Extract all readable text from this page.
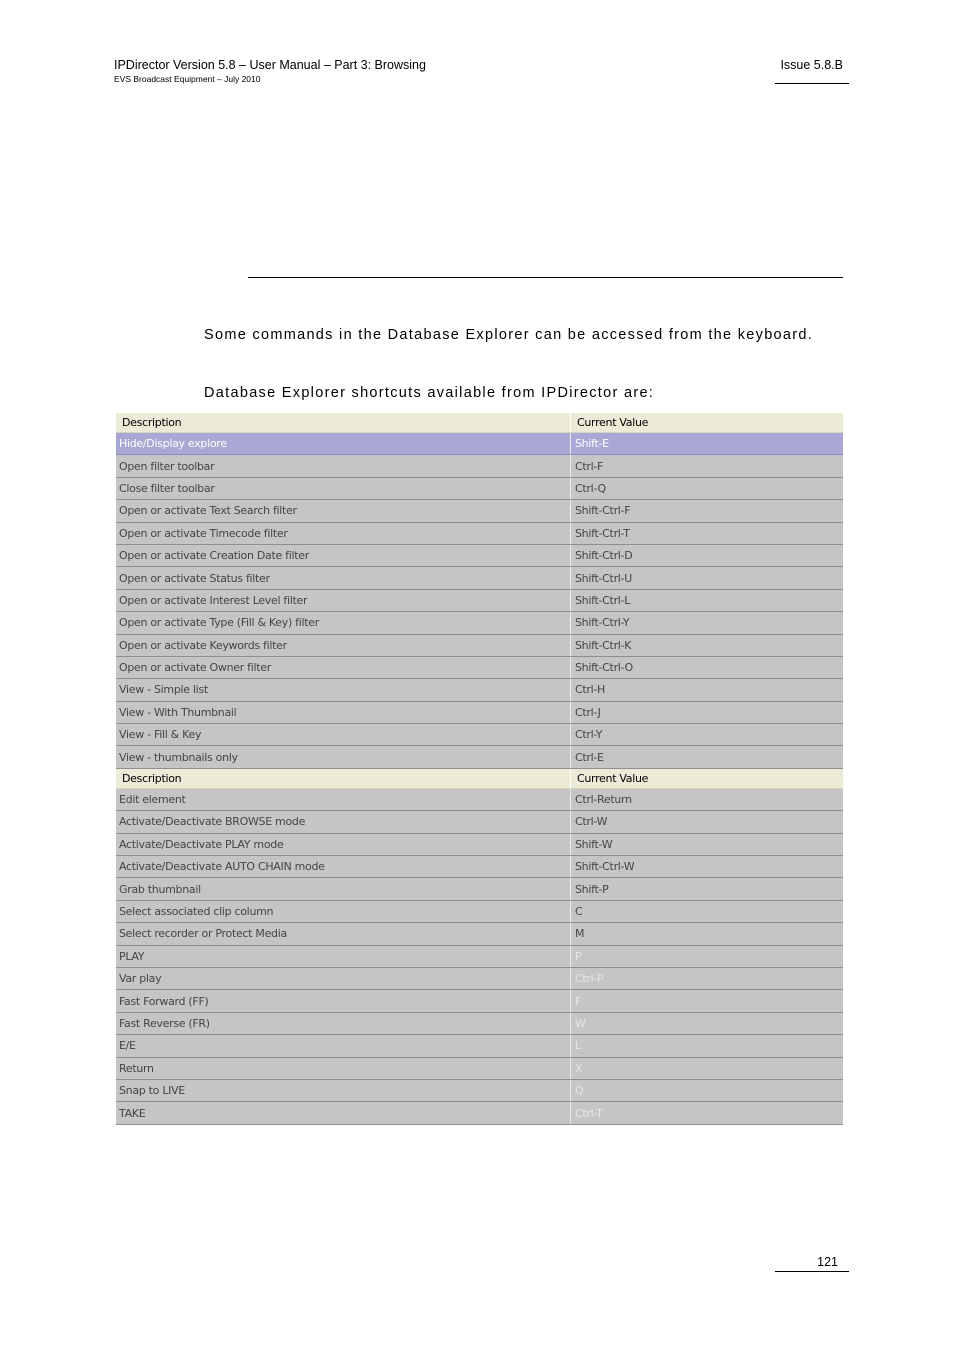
IPDirector Version 5.8 – User Manual – Part 3: Browsing
EVS Broadcast Equipment – July 2010
Issue 5.8.B
Some commands in the Database Explorer can be accessed from the keyboard.
Database Explorer shortcuts available from IPDirector are:
Description	Current Value
Hide/Display explore	Shift-E
Open filter toolbar	Ctrl-F
Close filter toolbar	Ctrl-Q
Open or activate Text Search filter	Shift-Ctrl-F
Open or activate Timecode filter	Shift-Ctrl-T
Open or activate Creation Date filter	Shift-Ctrl-D
Open or activate Status filter	Shift-Ctrl-U
Open or activate Interest Level filter	Shift-Ctrl-L
Open or activate Type (Fill & Key) filter	Shift-Ctrl-Y
Open or activate Keywords filter	Shift-Ctrl-K
Open or activate Owner filter	Shift-Ctrl-O
View - Simple list	Ctrl-H
View - With Thumbnail	Ctrl-J
View - Fill & Key	Ctrl-Y
View - thumbnails only	Ctrl-E
Description	Current Value
Edit element	Ctrl-Return
Activate/Deactivate BROWSE mode	Ctrl-W
Activate/Deactivate PLAY mode	Shift-W
Activate/Deactivate AUTO CHAIN mode	Shift-Ctrl-W
Grab thumbnail	Shift-P
Select associated clip column	C
Select recorder or Protect Media	M
PLAY	P
Var play	Ctrl-P
Fast Forward (FF)	F
Fast Reverse (FR)	W
E/E	L
Return	X
Snap to LIVE	Q
TAKE	Ctrl-T
121
